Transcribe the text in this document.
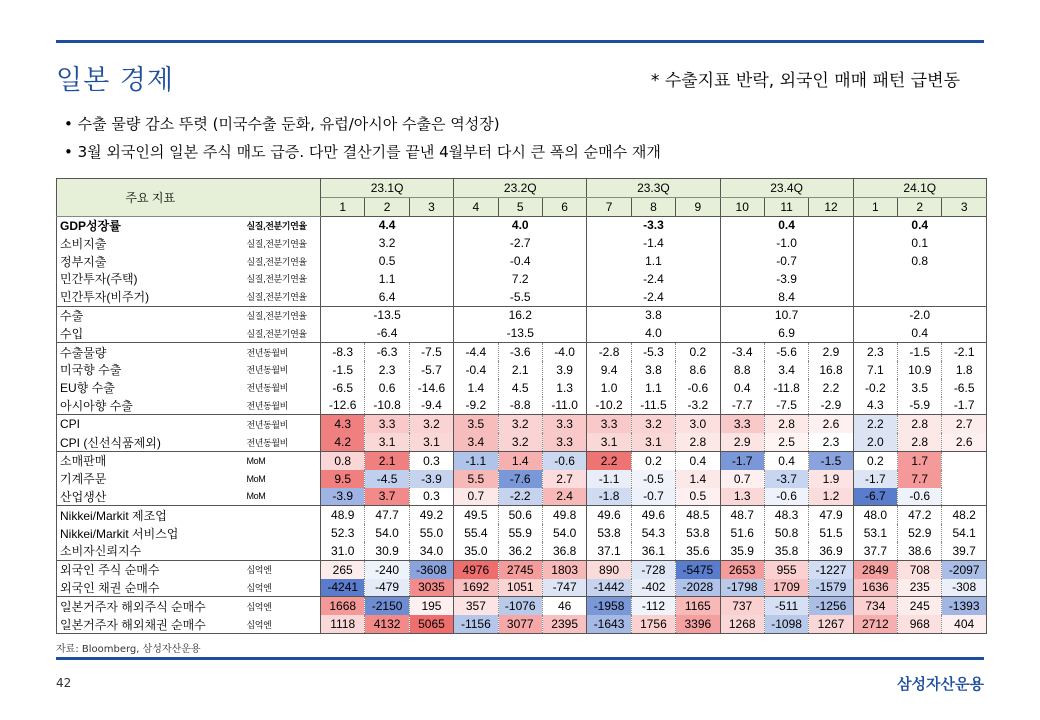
일본 경제	* 수출지표 반락, 외국인 매매 패턴 급변동
• 수출 물량 감소 뚜렷 (미국수출 둔화, 유럽/아시아 수출은 역성장)
• 3월 외국인의 일본 주식 매도 급증. 다만 결산기를 끝낸 4월부터 다시 큰 폭의 순매수 재개
주요 지표		23.1Q			23.2Q			23.3Q			23.4Q			24.1Q		
		1	2	3	4	5	6	7	8	9	10	11	12	1	2	3
GDP성장률	실질,전분기연율	4.4			4.0			-3.3			0.4			0.4		
소비지출	실질,전분기연율	3.2			-2.7			-1.4			-1.0			0.1		
정부지출	실질,전분기연율	0.5			-0.4			1.1			-0.7			0.8		
민간투자(주택)	실질,전분기연율	1.1			7.2			-2.4			-3.9					
민간투자(비주거)	실질,전분기연율	6.4			-5.5			-2.4			8.4					
수출	실질,전분기연율	-13.5			16.2			3.8			10.7			-2.0		
수입	실질,전분기연율	-6.4			-13.5			4.0			6.9			0.4		
수출물량	전년동월비	-8.3	-6.3	-7.5	-4.4	-3.6	-4.0	-2.8	-5.3	0.2	-3.4	-5.6	2.9	2.3	-1.5	-2.1
미국향 수출	전년동월비	-1.5	2.3	-5.7	-0.4	2.1	3.9	9.4	3.8	8.6	8.8	3.4	16.8	7.1	10.9	1.8
EU향 수출	전년동월비	-6.5	0.6	-14.6	1.4	4.5	1.3	1.0	1.1	-0.6	0.4	-11.8	2.2	-0.2	3.5	-6.5
아시아향 수출	전년동월비	-12.6	-10.8	-9.4	-9.2	-8.8	-11.0	-10.2	-11.5	-3.2	-7.7	-7.5	-2.9	4.3	-5.9	-1.7
CPI	전년동월비	4.3	3.3	3.2	3.5	3.2	3.3	3.3	3.2	3.0	3.3	2.8	2.6	2.2	2.8	2.7
CPI (신선식품제외)	전년동월비	4.2	3.1	3.1	3.4	3.2	3.3	3.1	3.1	2.8	2.9	2.5	2.3	2.0	2.8	2.6
소매판매	MoM	0.8	2.1	0.3	-1.1	1.4	-0.6	2.2	0.2	0.4	-1.7	0.4	-1.5	0.2	1.7	
기계주문	MoM	9.5	-4.5	-3.9	5.5	-7.6	2.7	-1.1	-0.5	1.4	0.7	-3.7	1.9	-1.7	7.7	
산업생산	MoM	-3.9	3.7	0.3	0.7	-2.2	2.4	-1.8	-0.7	0.5	1.3	-0.6	1.2	-6.7	-0.6	
Nikkei/Markit 제조업		48.9	47.7	49.2	49.5	50.6	49.8	49.6	49.6	48.5	48.7	48.3	47.9	48.0	47.2	48.2
Nikkei/Markit 서비스업		52.3	54.0	55.0	55.4	55.9	54.0	53.8	54.3	53.8	51.6	50.8	51.5	53.1	52.9	54.1
소비자신뢰지수		31.0	30.9	34.0	35.0	36.2	36.8	37.1	36.1	35.6	35.9	35.8	36.9	37.7	38.6	39.7
외국인 주식 순매수	십억엔	265	-240	-3608	4976	2745	1803	890	-728	-5475	2653	955	-1227	2849	708	-2097
외국인 채권 순매수	십억엔	-4241	-479	3035	1692	1051	-747	-1442	-402	-2028	-1798	1709	-1579	1636	235	-308
일본거주자 해외주식 순매수	십억엔	1668	-2150	195	357	-1076	46	-1958	-112	1165	737	-511	-1256	734	245	-1393
일본거주자 해외채권 순매수	십억엔	1118	4132	5065	-1156	3077	2395	-1643	1756	3396	1268	-1098	1267	2712	968	404
자료: Bloomberg, 삼성자산운용
42	삼성자산운용
